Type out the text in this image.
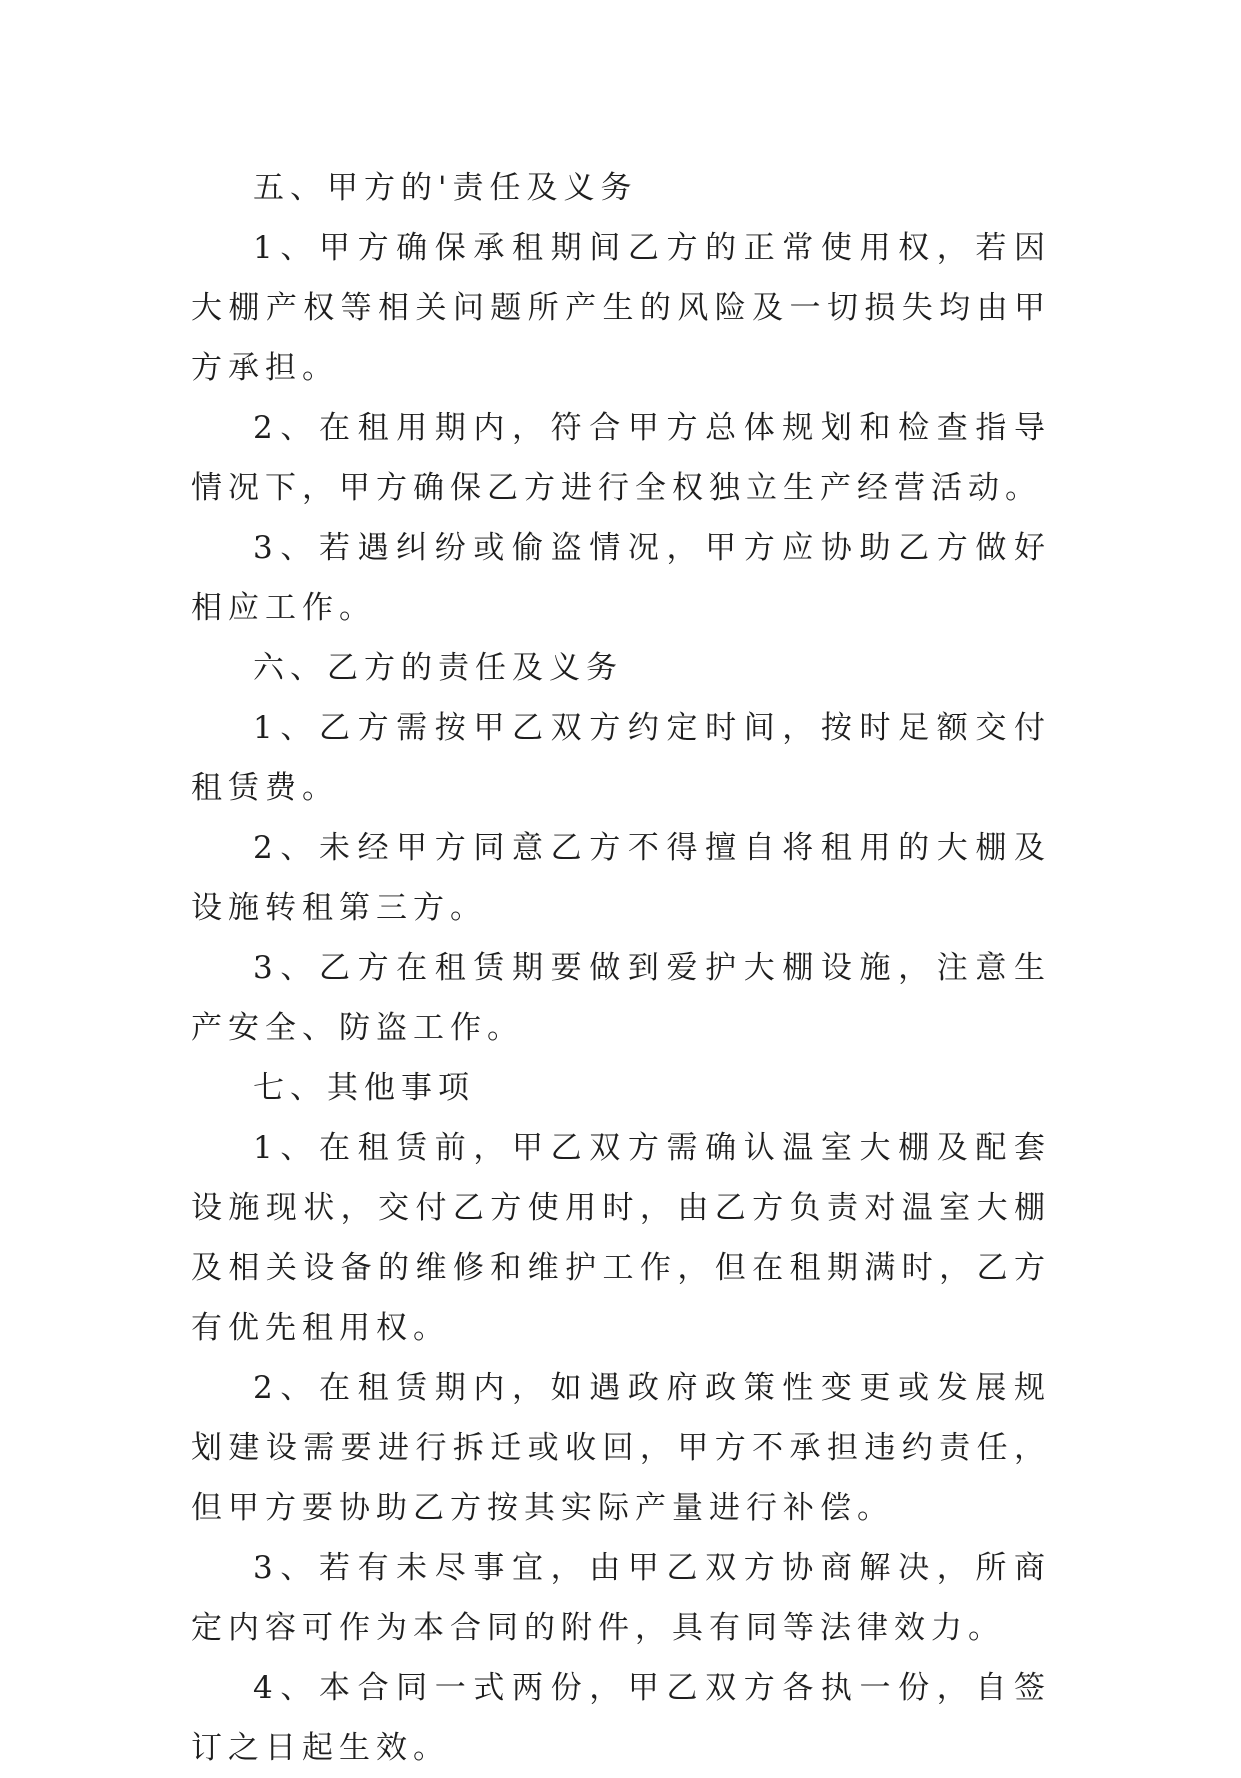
五、甲方的'责任及义务

1、甲方确保承租期间乙方的正常使用权，若因大棚产权等相关问题所产生的风险及一切损失均由甲方承担。

2、在租用期内，符合甲方总体规划和检查指导情况下，甲方确保乙方进行全权独立生产经营活动。

3、若遇纠纷或偷盗情况，甲方应协助乙方做好相应工作。

六、乙方的责任及义务

1、乙方需按甲乙双方约定时间，按时足额交付租赁费。

2、未经甲方同意乙方不得擅自将租用的大棚及设施转租第三方。

3、乙方在租赁期要做到爱护大棚设施，注意生产安全、防盗工作。

七、其他事项

1、在租赁前，甲乙双方需确认温室大棚及配套设施现状，交付乙方使用时，由乙方负责对温室大棚及相关设备的维修和维护工作，但在租期满时，乙方有优先租用权。

2、在租赁期内，如遇政府政策性变更或发展规划建设需要进行拆迁或收回，甲方不承担违约责任，但甲方要协助乙方按其实际产量进行补偿。

3、若有未尽事宜，由甲乙双方协商解决，所商定内容可作为本合同的附件，具有同等法律效力。

4、本合同一式两份，甲乙双方各执一份，自签订之日起生效。
